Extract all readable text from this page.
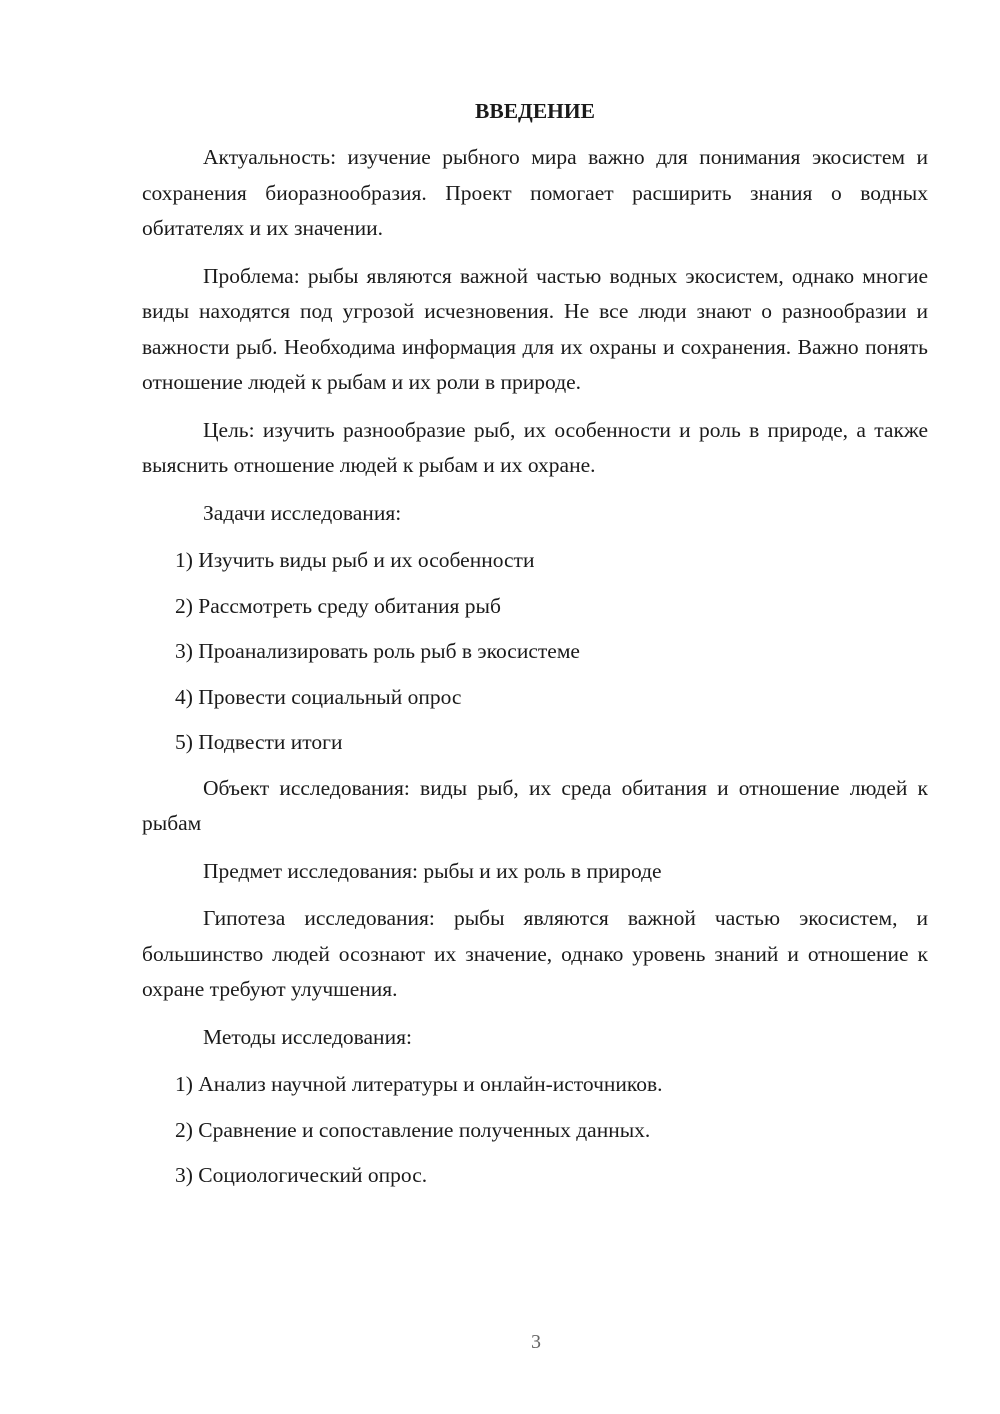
ВВЕДЕНИЕ

Актуальность: изучение рыбного мира важно для понимания экосистем и сохранения биоразнообразия. Проект помогает расширить знания о водных обитателях и их значении.

Проблема: рыбы являются важной частью водных экосистем, однако многие виды находятся под угрозой исчезновения. Не все люди знают о разнообразии и важности рыб. Необходима информация для их охраны и сохранения. Важно понять отношение людей к рыбам и их роли в природе.

Цель: изучить разнообразие рыб, их особенности и роль в природе, а также выяснить отношение людей к рыбам и их охране.

Задачи исследования:

1) Изучить виды рыб и их особенности
2) Рассмотреть среду обитания рыб
3) Проанализировать роль рыб в экосистеме
4) Провести социальный опрос
5) Подвести итоги

Объект исследования: виды рыб, их среда обитания и отношение людей к рыбам

Предмет исследования: рыбы и их роль в природе

Гипотеза исследования: рыбы являются важной частью экосистем, и большинство людей осознают их значение, однако уровень знаний и отношение к охране требуют улучшения.

Методы исследования:

1) Анализ научной литературы и онлайн-источников.
2) Сравнение и сопоставление полученных данных.
3) Социологический опрос.
3
